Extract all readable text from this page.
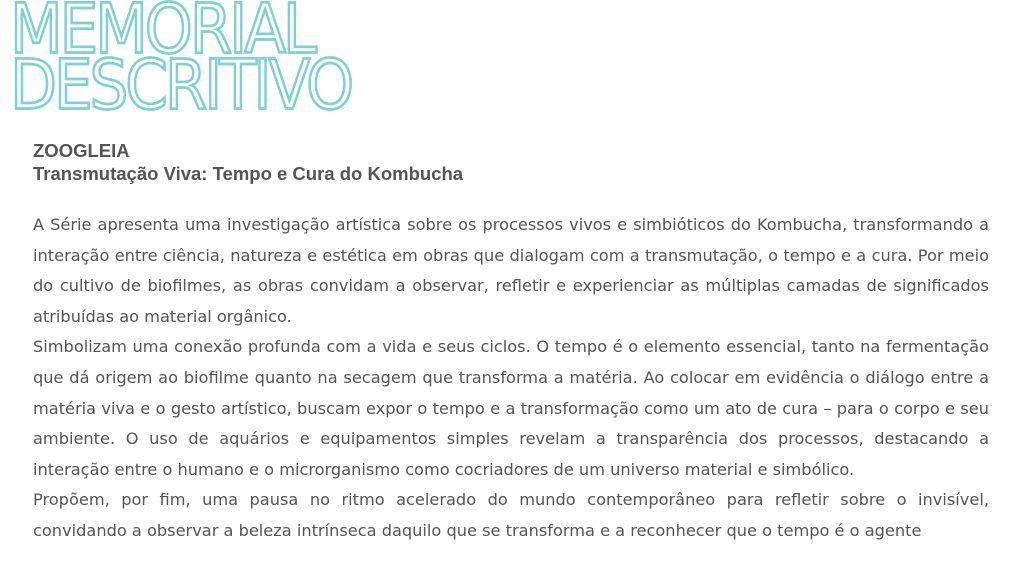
MEMORIAL
DESCRITIVO
ZOOGLEIA
Transmutação Viva: Tempo e Cura do Kombucha

A Série apresenta uma investigação artística sobre os processos vivos e simbióticos do Kombucha, transformando a interação entre ciência, natureza e estética em obras que dialogam com a transmutação, o tempo e a cura. Por meio do cultivo de biofilmes, as obras convidam a observar, refletir e experienciar as múltiplas camadas de significados atribuídas ao material orgânico.

Simbolizam uma conexão profunda com a vida e seus ciclos. O tempo é o elemento essencial, tanto na fermentação que dá origem ao biofilme quanto na secagem que transforma a matéria. Ao colocar em evidência o diálogo entre a matéria viva e o gesto artístico, buscam expor o tempo e a transformação como um ato de cura – para o corpo e seu ambiente. O uso de aquários e equipamentos simples revelam a transparência dos processos, destacando a interação entre o humano e o microrganismo como cocriadores de um universo material e simbólico.

Propõem, por fim, uma pausa no ritmo acelerado do mundo contemporâneo para refletir sobre o invisível, convidando a observar a beleza intrínseca daquilo que se transforma e a reconhecer que o tempo é o agente
